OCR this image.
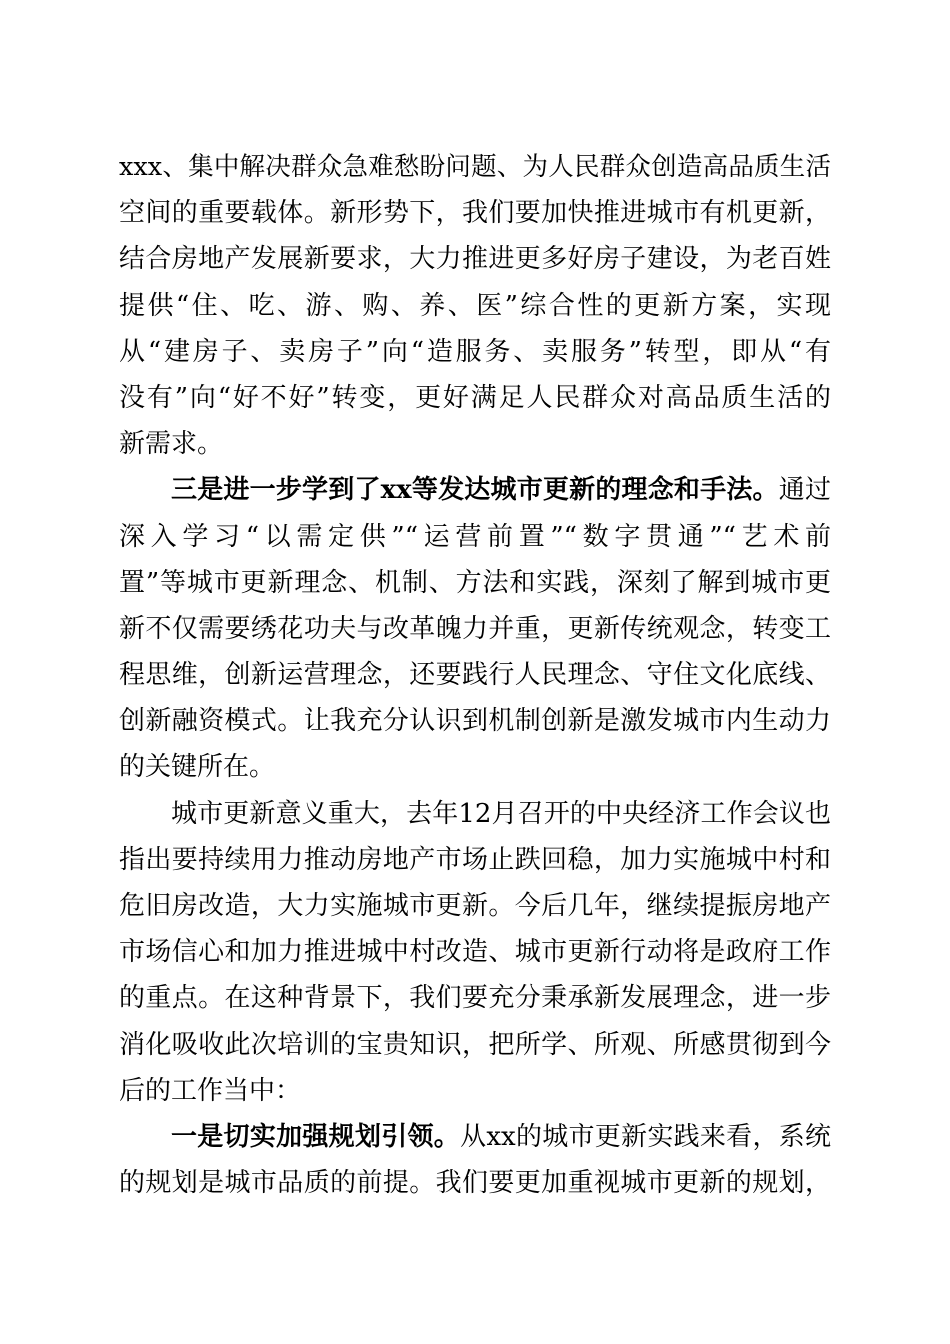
xxx、集中解决群众急难愁盼问题、为人民群众创造高品质生活
空间的重要载体。新形势下，我们要加快推进城市有机更新，
结合房地产发展新要求，大力推进更多好房子建设，为老百姓
提供“住、吃、游、购、养、医”综合性的更新方案，实现
从“建房子、卖房子”向“造服务、卖服务”转型，即从“有
没有”向“好不好”转变，更好满足人民群众对高品质生活的
新需求。
三是进一步学到了xx等发达城市更新的理念和手法。通过
深入学习“以需定供”“运营前置”“数字贯通”“艺术前
置”等城市更新理念、机制、方法和实践，深刻了解到城市更
新不仅需要绣花功夫与改革魄力并重，更新传统观念，转变工
程思维，创新运营理念，还要践行人民理念、守住文化底线、
创新融资模式。让我充分认识到机制创新是激发城市内生动力
的关键所在。
城市更新意义重大，去年12月召开的中央经济工作会议也
指出要持续用力推动房地产市场止跌回稳，加力实施城中村和
危旧房改造，大力实施城市更新。今后几年，继续提振房地产
市场信心和加力推进城中村改造、城市更新行动将是政府工作
的重点。在这种背景下，我们要充分秉承新发展理念，进一步
消化吸收此次培训的宝贵知识，把所学、所观、所感贯彻到今
后的工作当中：
一是切实加强规划引领。从xx的城市更新实践来看，系统
的规划是城市品质的前提。我们要更加重视城市更新的规划，
